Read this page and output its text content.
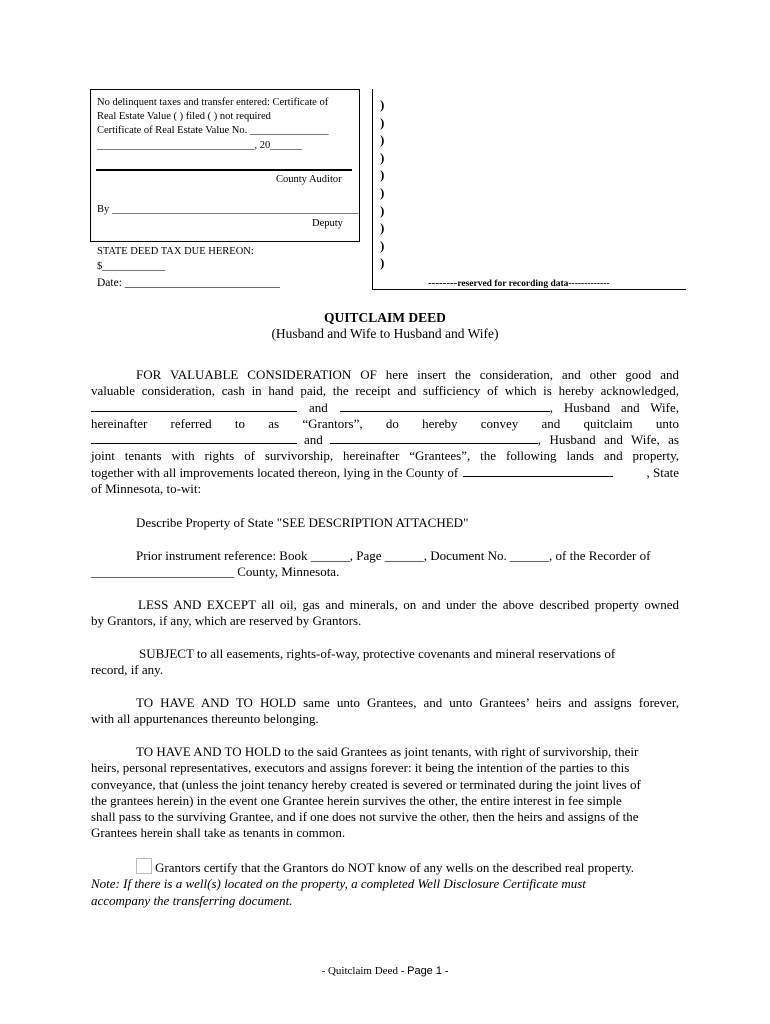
No delinquent taxes and transfer entered: Certificate of
Real Estate Value ( ) filed ( ) not required
Certificate of Real Estate Value No. _______________
______________________________, 20______
County Auditor
By _______________________________________________
Deputy
STATE DEED TAX DUE HEREON:
$____________
Date: ___________________________
)
)
)
)
)
)
)
)
)
)
--------reserved for recording data-------------
QUITCLAIM DEED
(Husband and Wife to Husband and Wife)
FOR VALUABLE CONSIDERATION OF here insert the consideration, and other good and
valuable consideration, cash in hand paid, the receipt and sufficiency of which is hereby acknowledged,
and	, Husband and Wife,
hereinafter referred to as “Grantors”, do hereby convey and quitclaim unto
and	, Husband and Wife, as
joint tenants with rights of survivorship, hereinafter “Grantees”, the following lands and property,
together with all improvements located thereon, lying in the County of	, State
of Minnesota, to-wit:
Describe Property of State "SEE DESCRIPTION ATTACHED"
Prior instrument reference: Book ______, Page ______, Document No. ______, of the Recorder of
______________________ County, Minnesota.
LESS AND EXCEPT all oil, gas and minerals, on and under the above described property owned
by Grantors, if any, which are reserved by Grantors.
SUBJECT to all easements, rights-of-way, protective covenants and mineral reservations of
record, if any.
TO HAVE AND TO HOLD same unto Grantees, and unto Grantees’ heirs and assigns forever,
with all appurtenances thereunto belonging.
TO HAVE AND TO HOLD to the said Grantees as joint tenants, with right of survivorship, their
heirs, personal representatives, executors and assigns forever: it being the intention of the parties to this
conveyance, that (unless the joint tenancy hereby created is severed or terminated during the joint lives of
the grantees herein) in the event one Grantee herein survives the other, the entire interest in fee simple
shall pass to the surviving Grantee, and if one does not survive the other, then the heirs and assigns of the
Grantees herein shall take as tenants in common.
Grantors certify that the Grantors do NOT know of any wells on the described real property.
Note: If there is a well(s) located on the property, a completed Well Disclosure Certificate must
accompany the transferring document.
- Quitclaim Deed - Page 1 -
